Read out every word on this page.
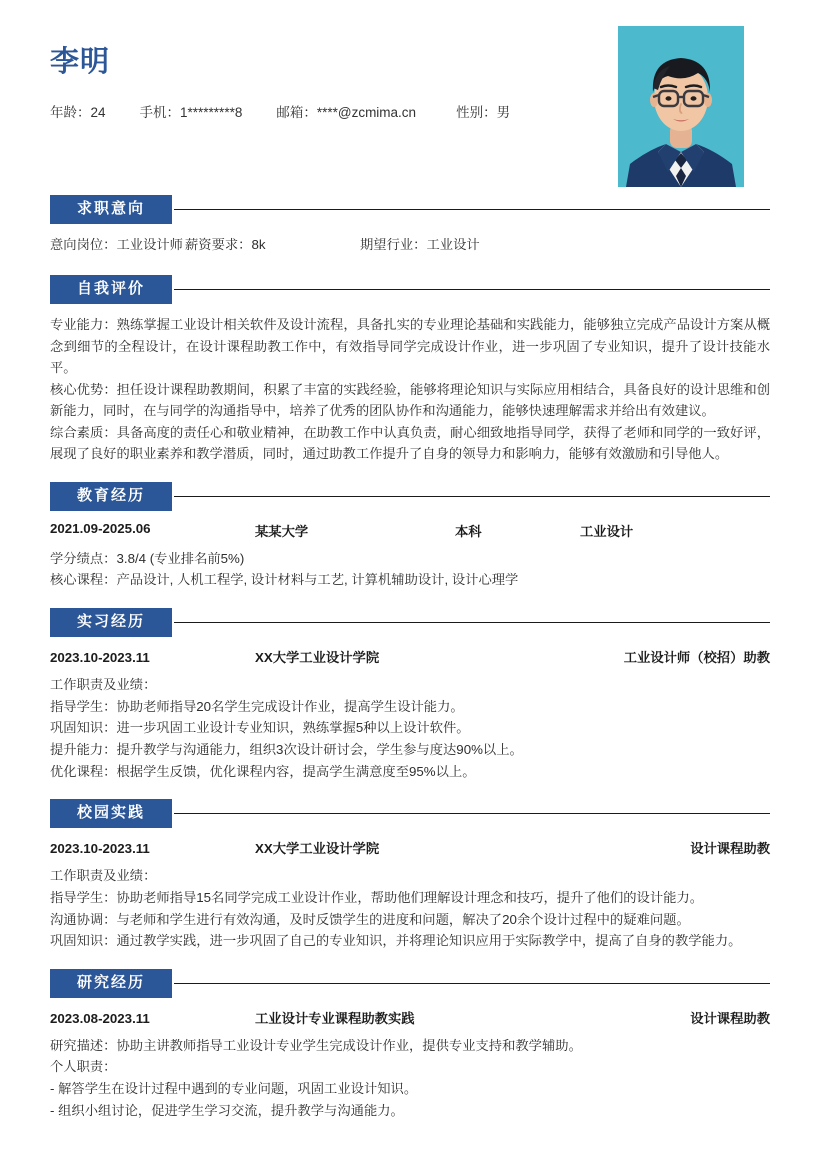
李明
年龄：24	手机：1*********8	邮箱：****@zcmima.cn	性别：男
求职意向
意向岗位：工业设计师 薪资要求：8k	期望行业：工业设计
自我评价
专业能力：熟练掌握工业设计相关软件及设计流程，具备扎实的专业理论基础和实践能力，能够独立完成产品设计方案从概念到细节的全程设计，在设计课程助教工作中，有效指导同学完成设计作业，进一步巩固了专业知识，提升了设计技能水平。
核心优势：担任设计课程助教期间，积累了丰富的实践经验，能够将理论知识与实际应用相结合，具备良好的设计思维和创新能力，同时，在与同学的沟通指导中，培养了优秀的团队协作和沟通能力，能够快速理解需求并给出有效建议。
综合素质：具备高度的责任心和敬业精神，在助教工作中认真负责，耐心细致地指导同学，获得了老师和同学的一致好评，展现了良好的职业素养和教学潜质，同时，通过助教工作提升了自身的领导力和影响力，能够有效激励和引导他人。
教育经历
2021.09-2025.06	某某大学	本科	工业设计
学分绩点：3.8/4 (专业排名前5%)
核心课程：产品设计, 人机工程学, 设计材料与工艺, 计算机辅助设计, 设计心理学
实习经历
2023.10-2023.11	XX大学工业设计学院	工业设计师（校招）助教
工作职责及业绩：
指导学生：协助老师指导20名学生完成设计作业，提高学生设计能力。
巩固知识：进一步巩固工业设计专业知识，熟练掌握5种以上设计软件。
提升能力：提升教学与沟通能力，组织3次设计研讨会，学生参与度达90%以上。
优化课程：根据学生反馈，优化课程内容，提高学生满意度至95%以上。
校园实践
2023.10-2023.11	XX大学工业设计学院	设计课程助教
工作职责及业绩：
指导学生：协助老师指导15名同学完成工业设计作业，帮助他们理解设计理念和技巧，提升了他们的设计能力。
沟通协调：与老师和学生进行有效沟通，及时反馈学生的进度和问题，解决了20余个设计过程中的疑难问题。
巩固知识：通过教学实践，进一步巩固了自己的专业知识，并将理论知识应用于实际教学中，提高了自身的教学能力。
研究经历
2023.08-2023.11	工业设计专业课程助教实践	设计课程助教
研究描述：协助主讲教师指导工业设计专业学生完成设计作业，提供专业支持和教学辅助。
个人职责：
- 解答学生在设计过程中遇到的专业问题，巩固工业设计知识。
- 组织小组讨论，促进学生学习交流，提升教学与沟通能力。
